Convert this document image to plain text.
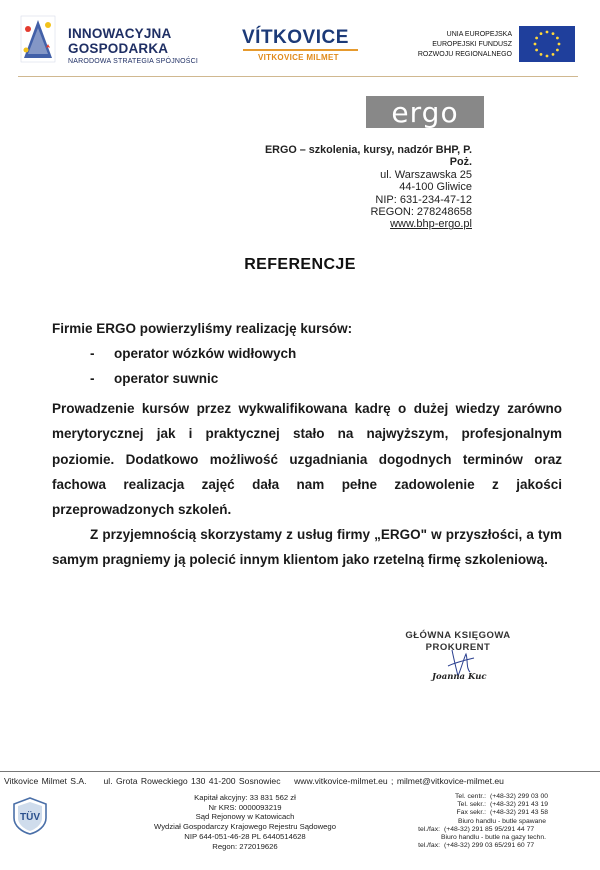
INNOWACYJNA
GOSPODARKA
NARODOWA STRATEGIA SPÓJNOŚCI
VÍTKOVICE
VITKOVICE MILMET
UNIA EUROPEJSKA
EUROPEJSKI FUNDUSZ
ROZWOJU REGIONALNEGO
ergo
ERGO – szkolenia, kursy, nadzór BHP, P. Poż.
ul. Warszawska 25
44-100 Gliwice
NIP: 631-234-47-12
REGON: 278248658
www.bhp-ergo.pl
REFERENCJE
Firmie ERGO powierzyliśmy realizację kursów:
- operator wózków widłowych
- operator suwnic
Prowadzenie kursów przez wykwalifikowana kadrę o dużej wiedzy zarówno merytorycznej jak i praktycznej stało na najwyższym, profesjonalnym poziomie. Dodatkowo możliwość uzgadniania dogodnych terminów oraz fachowa realizacja zajęć dała nam pełne zadowolenie z jakości przeprowadzonych szkoleń.
Z przyjemnością skorzystamy z usług firmy „ERGO" w przyszłości, a tym samym pragniemy ją polecić innym klientom jako rzetelną firmę szkoleniową.
GŁÓWNA KSIĘGOWA
PROKURENT
Joanna Kuc
Vitkovice Milmet S.A. ul. Grota Roweckiego 130 41-200 Sosnowiec www.vitkovice-milmet.eu ; milmet@vitkovice-milmet.eu
TÜV
Kapitał akcyjny: 33 831 562 zł
Nr KRS: 0000093219
Sąd Rejonowy w Katowicach
Wydział Gospodarczy Krajowego Rejestru Sądowego
NIP 644-051-46-28 PL 6440514628
Regon: 272019626
Tel. centr.: (+48-32) 299 03 00
Tel. sekr.: (+48-32) 291 43 19
Fax sekr.: (+48-32) 291 43 58
Biuro handlu - butle spawane
tel./fax: (+48-32) 291 85 95/291 44 77
Biuro handlu - butle na gazy techn.
tel./fax: (+48-32) 299 03 65/291 60 77
